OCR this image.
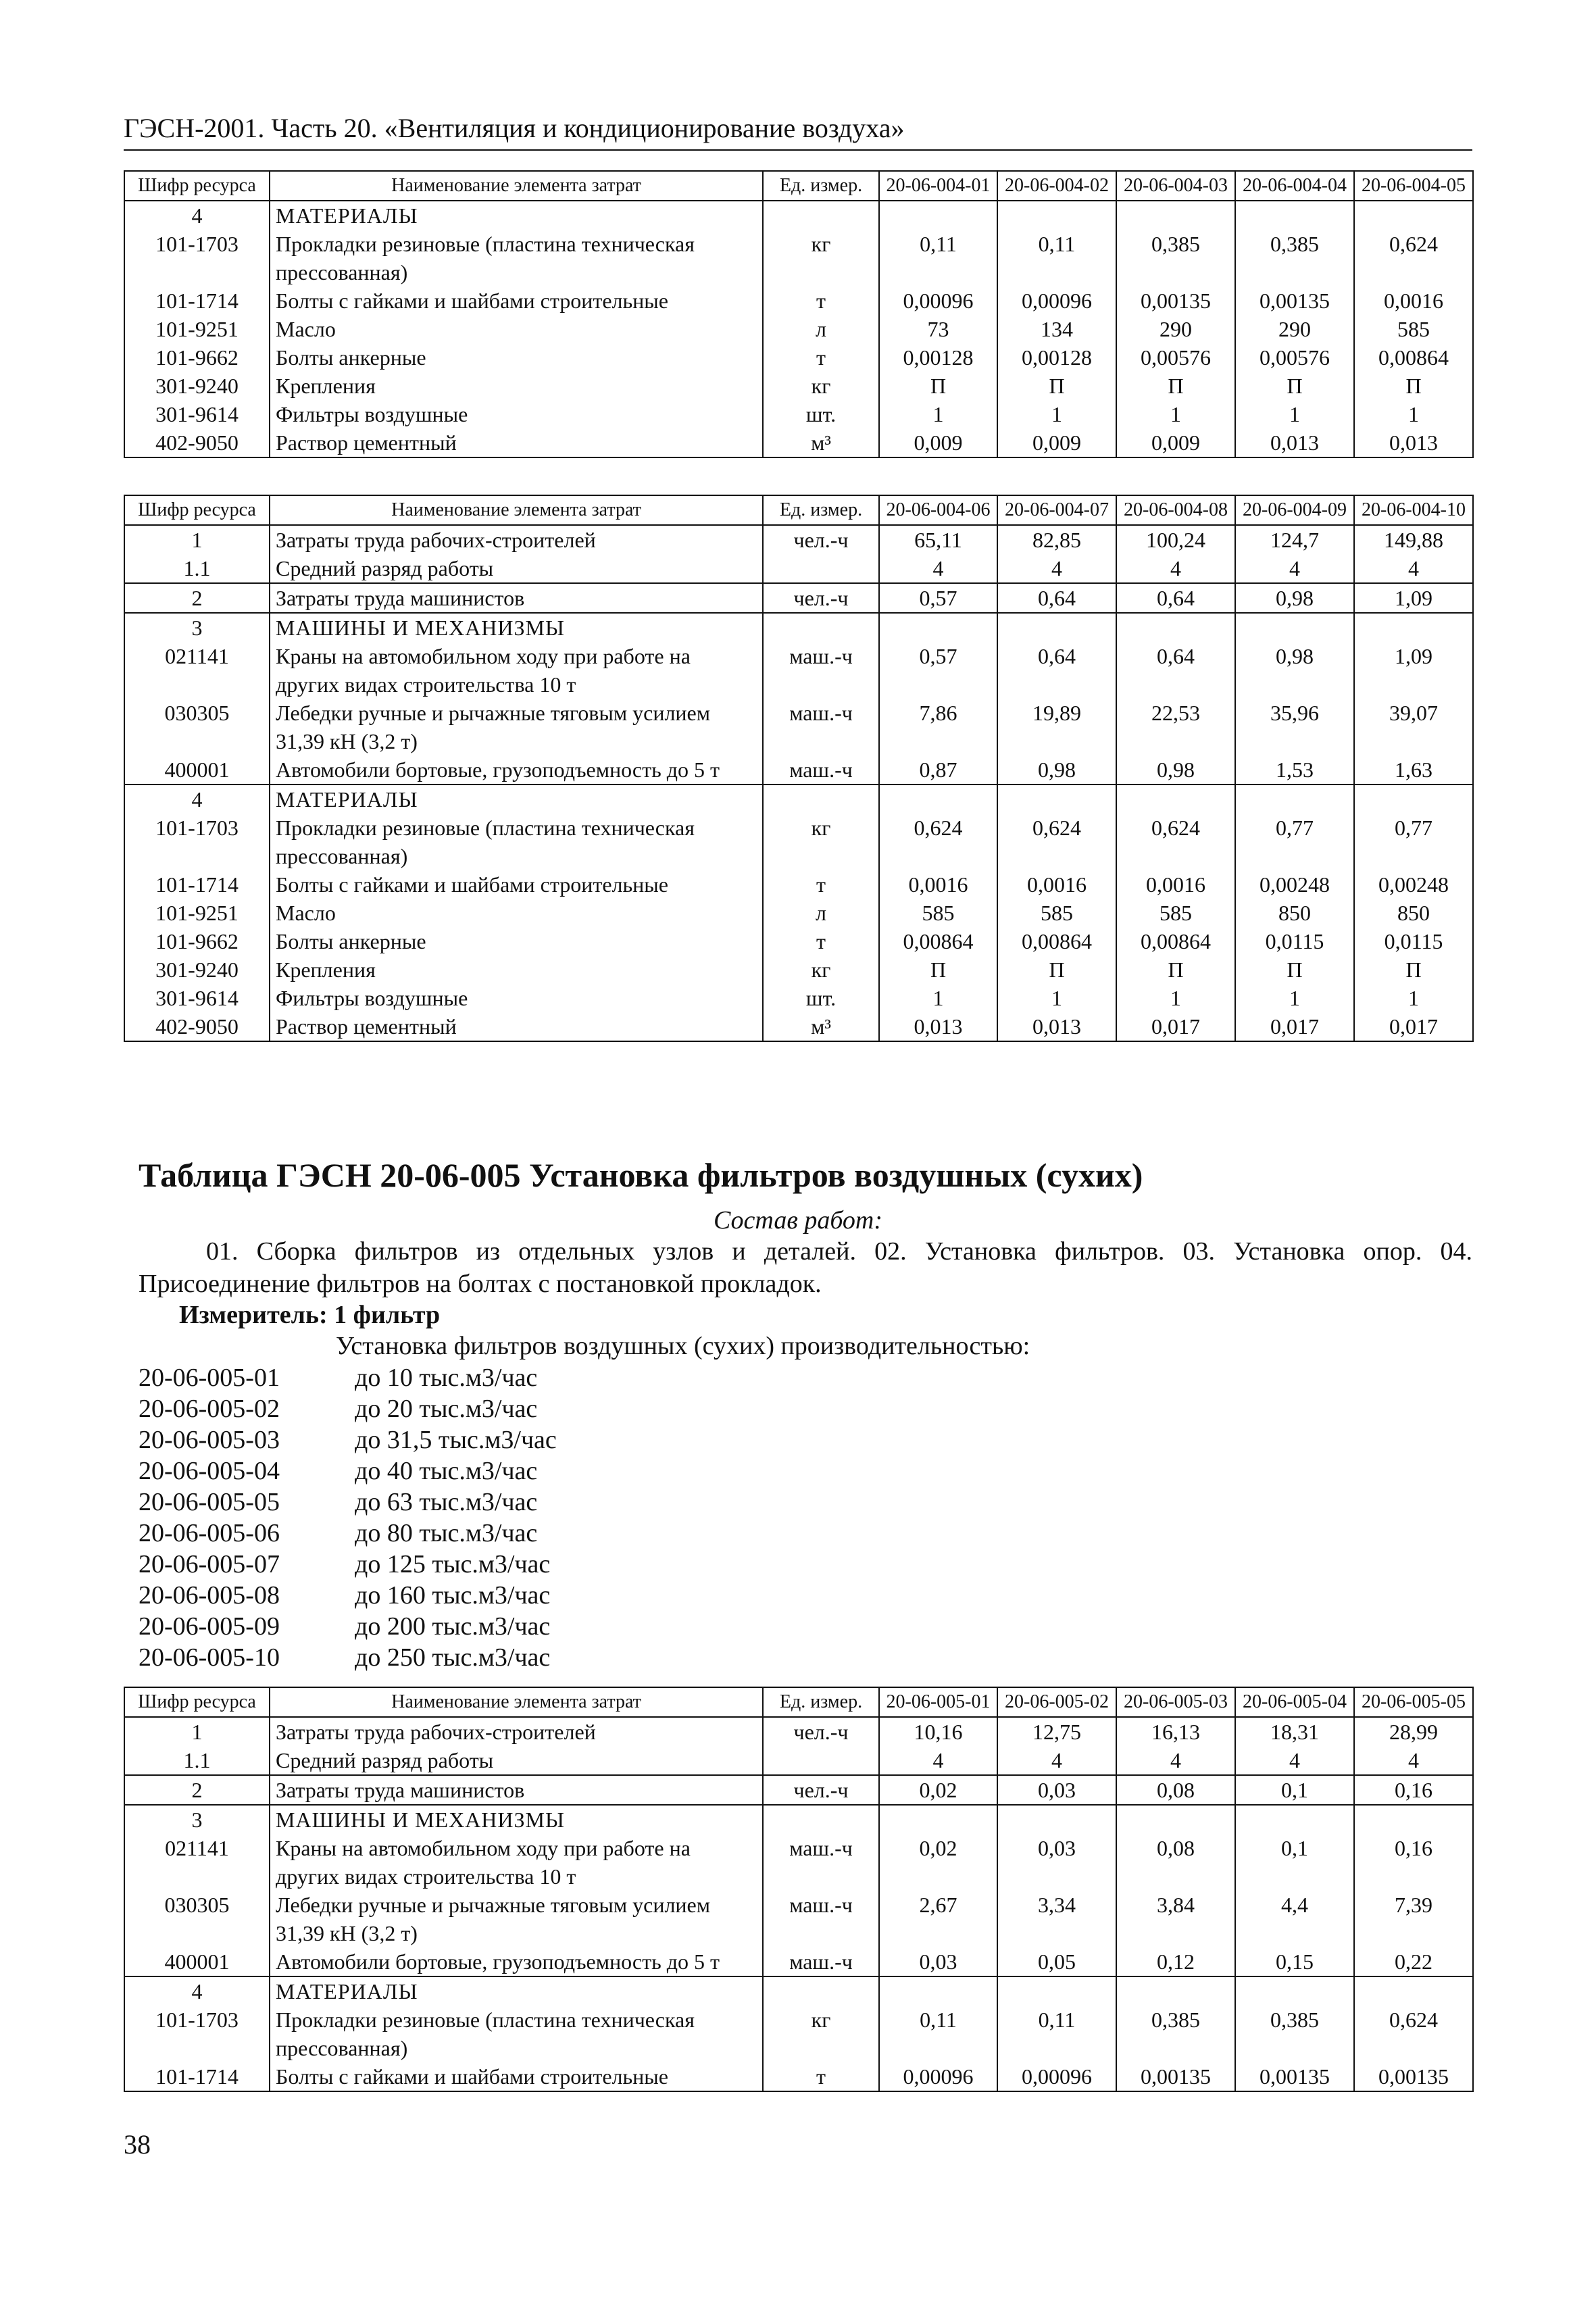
ГЭСН-2001. Часть 20. «Вентиляция и кондиционирование воздуха»
Шифр ресурса	Наименование элемента затрат	Ед. измер.	20-06-004-01	20-06-004-02	20-06-004-03	20-06-004-04	20-06-004-05
4	МАТЕРИАЛЫ						
101-1703	Прокладки резиновые (пластина техническая прессованная)	кг	0,11	0,11	0,385	0,385	0,624
101-1714	Болты с гайками и шайбами строительные	т	0,00096	0,00096	0,00135	0,00135	0,0016
101-9251	Масло	л	73	134	290	290	585
101-9662	Болты анкерные	т	0,00128	0,00128	0,00576	0,00576	0,00864
301-9240	Крепления	кг	П	П	П	П	П
301-9614	Фильтры воздушные	шт.	1	1	1	1	1
402-9050	Раствор цементный	м³	0,009	0,009	0,009	0,013	0,013
Шифр ресурса	Наименование элемента затрат	Ед. измер.	20-06-004-06	20-06-004-07	20-06-004-08	20-06-004-09	20-06-004-10
1	Затраты труда рабочих-строителей	чел.-ч	65,11	82,85	100,24	124,7	149,88
1.1	Средний разряд работы		4	4	4	4	4
2	Затраты труда машинистов	чел.-ч	0,57	0,64	0,64	0,98	1,09
3	МАШИНЫ И МЕХАНИЗМЫ						
021141	Краны на автомобильном ходу при работе на других видах строительства 10 т	маш.-ч	0,57	0,64	0,64	0,98	1,09
030305	Лебедки ручные и рычажные тяговым усилием 31,39 кН (3,2 т)	маш.-ч	7,86	19,89	22,53	35,96	39,07
400001	Автомобили бортовые, грузоподъемность до 5 т	маш.-ч	0,87	0,98	0,98	1,53	1,63
4	МАТЕРИАЛЫ						
101-1703	Прокладки резиновые (пластина техническая прессованная)	кг	0,624	0,624	0,624	0,77	0,77
101-1714	Болты с гайками и шайбами строительные	т	0,0016	0,0016	0,0016	0,00248	0,00248
101-9251	Масло	л	585	585	585	850	850
101-9662	Болты анкерные	т	0,00864	0,00864	0,00864	0,0115	0,0115
301-9240	Крепления	кг	П	П	П	П	П
301-9614	Фильтры воздушные	шт.	1	1	1	1	1
402-9050	Раствор цементный	м³	0,013	0,013	0,017	0,017	0,017
Таблица ГЭСН 20-06-005 Установка фильтров воздушных (сухих)
Состав работ:
01. Сборка фильтров из отдельных узлов и деталей. 02. Установка фильтров. 03. Установка опор. 04. Присоединение фильтров на болтах с постановкой прокладок.
Измеритель: 1 фильтр
Установка фильтров воздушных (сухих) производительностью:
20-06-005-01	до 10 тыс.м3/час
20-06-005-02	до 20 тыс.м3/час
20-06-005-03	до 31,5 тыс.м3/час
20-06-005-04	до 40 тыс.м3/час
20-06-005-05	до 63 тыс.м3/час
20-06-005-06	до 80 тыс.м3/час
20-06-005-07	до 125 тыс.м3/час
20-06-005-08	до 160 тыс.м3/час
20-06-005-09	до 200 тыс.м3/час
20-06-005-10	до 250 тыс.м3/час
Шифр ресурса	Наименование элемента затрат	Ед. измер.	20-06-005-01	20-06-005-02	20-06-005-03	20-06-005-04	20-06-005-05
1	Затраты труда рабочих-строителей	чел.-ч	10,16	12,75	16,13	18,31	28,99
1.1	Средний разряд работы		4	4	4	4	4
2	Затраты труда машинистов	чел.-ч	0,02	0,03	0,08	0,1	0,16
3	МАШИНЫ И МЕХАНИЗМЫ						
021141	Краны на автомобильном ходу при работе на других видах строительства 10 т	маш.-ч	0,02	0,03	0,08	0,1	0,16
030305	Лебедки ручные и рычажные тяговым усилием 31,39 кН (3,2 т)	маш.-ч	2,67	3,34	3,84	4,4	7,39
400001	Автомобили бортовые, грузоподъемность до 5 т	маш.-ч	0,03	0,05	0,12	0,15	0,22
4	МАТЕРИАЛЫ						
101-1703	Прокладки резиновые (пластина техническая прессованная)	кг	0,11	0,11	0,385	0,385	0,624
101-1714	Болты с гайками и шайбами строительные	т	0,00096	0,00096	0,00135	0,00135	0,00135
38
